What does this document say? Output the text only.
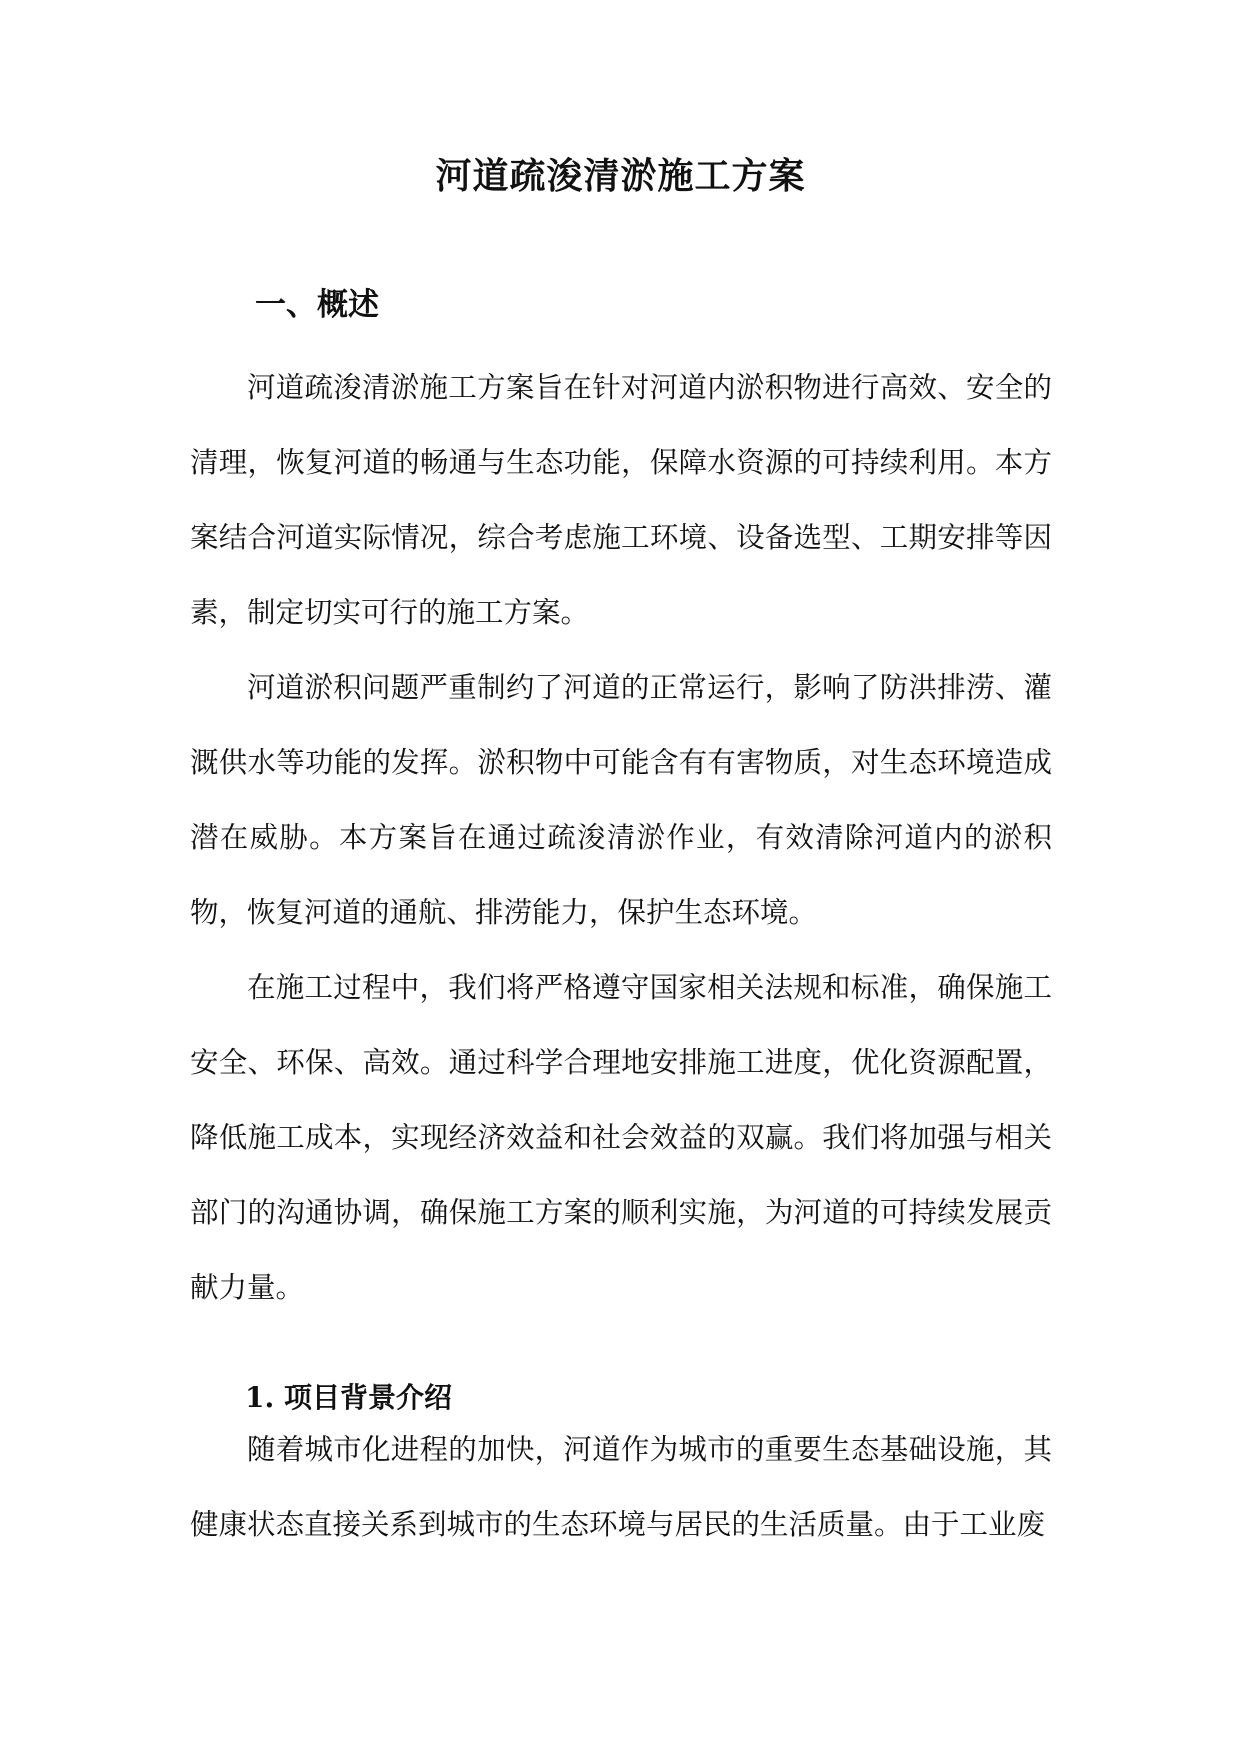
河道疏浚清淤施工方案
一、概述

河道疏浚清淤施工方案旨在针对河道内淤积物进行高效、安全的清理，恢复河道的畅通与生态功能，保障水资源的可持续利用。本方案结合河道实际情况，综合考虑施工环境、设备选型、工期安排等因素，制定切实可行的施工方案。

河道淤积问题严重制约了河道的正常运行，影响了防洪排涝、灌溉供水等功能的发挥。淤积物中可能含有有害物质，对生态环境造成潜在威胁。本方案旨在通过疏浚清淤作业，有效清除河道内的淤积物，恢复河道的通航、排涝能力，保护生态环境。

在施工过程中，我们将严格遵守国家相关法规和标准，确保施工安全、环保、高效。通过科学合理地安排施工进度，优化资源配置，降低施工成本，实现经济效益和社会效益的双赢。我们将加强与相关部门的沟通协调，确保施工方案的顺利实施，为河道的可持续发展贡献力量。

1. 项目背景介绍

随着城市化进程的加快，河道作为城市的重要生态基础设施，其健康状态直接关系到城市的生态环境与居民的生活质量。由于工业废
